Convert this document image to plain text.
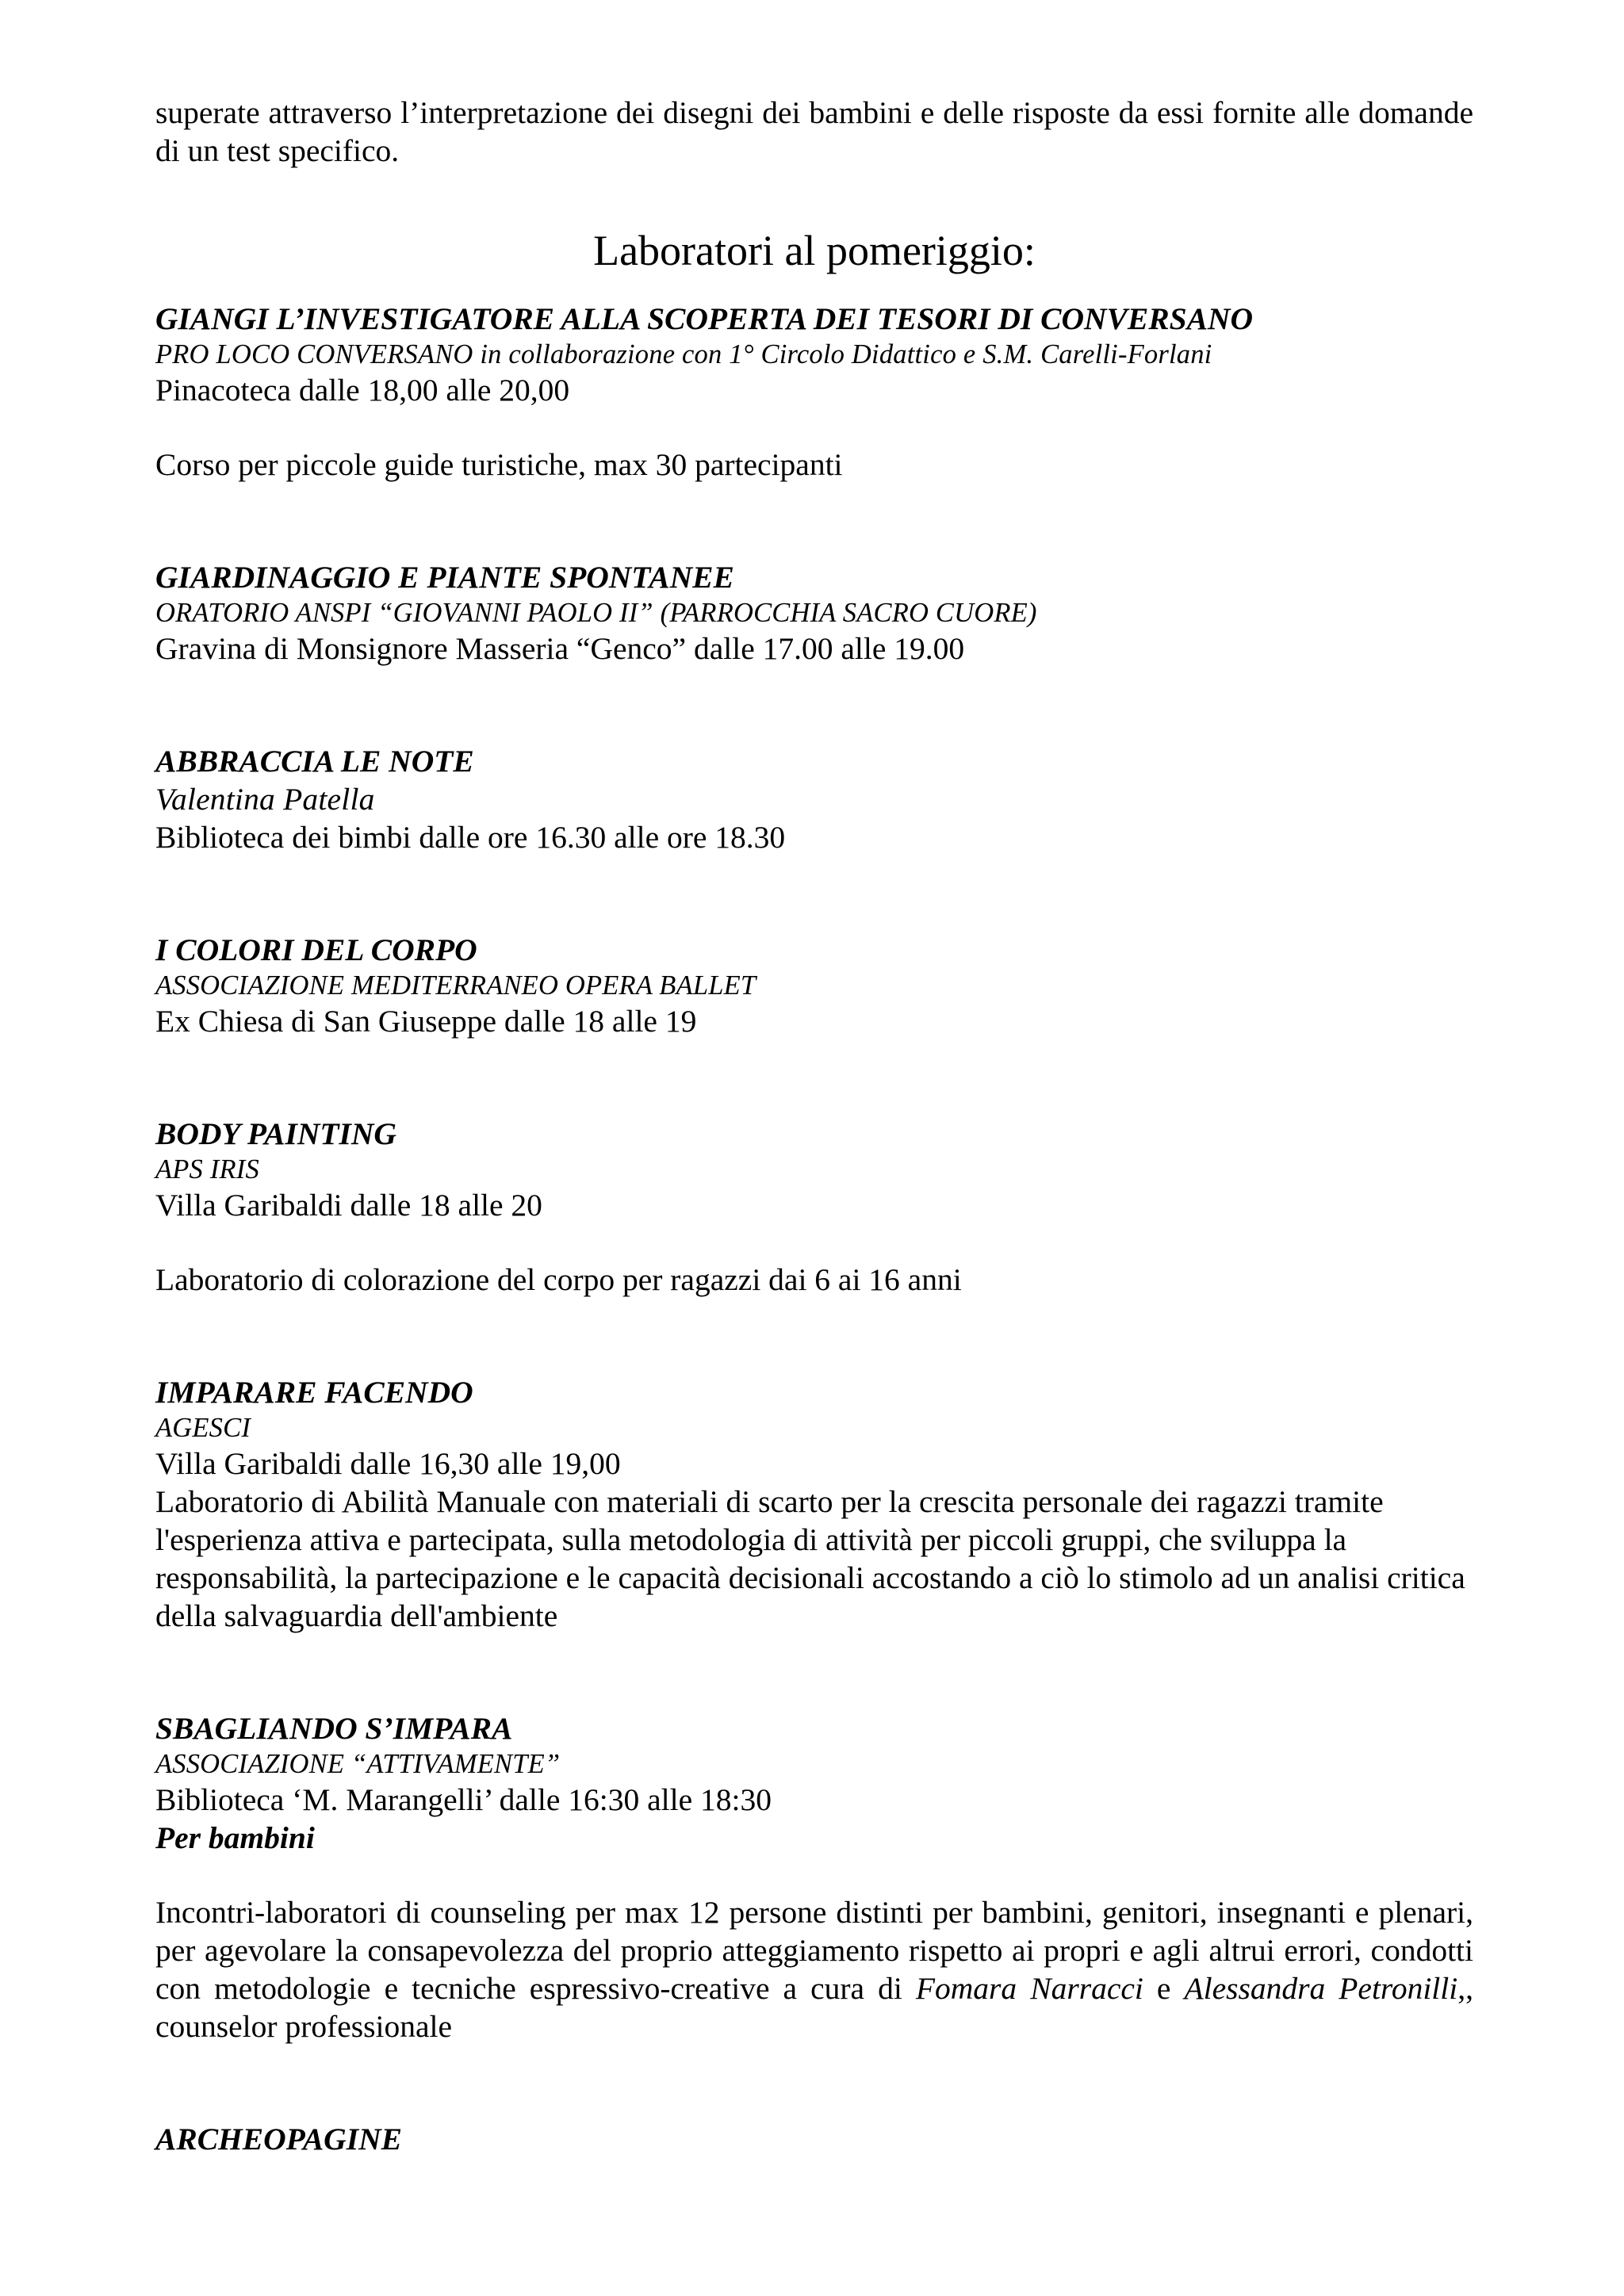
superate attraverso l’interpretazione dei disegni dei bambini e delle risposte da essi fornite alle domande di un test specifico.

Laboratori al pomeriggio:
GIANGI L’INVESTIGATORE ALLA SCOPERTA DEI TESORI DI CONVERSANO
PRO LOCO CONVERSANO in collaborazione con 1° Circolo Didattico e S.M. Carelli-Forlani
Pinacoteca dalle 18,00 alle 20,00
Corso per piccole guide turistiche, max 30 partecipanti
GIARDINAGGIO E PIANTE SPONTANEE
ORATORIO ANSPI “GIOVANNI PAOLO II” (PARROCCHIA SACRO CUORE)
Gravina di Monsignore Masseria “Genco” dalle 17.00 alle 19.00
ABBRACCIA LE NOTE
Valentina Patella
Biblioteca dei bimbi dalle ore 16.30 alle ore 18.30
I COLORI DEL CORPO
ASSOCIAZIONE MEDITERRANEO OPERA BALLET
Ex Chiesa di San Giuseppe dalle 18 alle 19
BODY PAINTING
APS IRIS
Villa Garibaldi dalle 18 alle 20
Laboratorio di colorazione del corpo per ragazzi dai 6 ai 16 anni
IMPARARE FACENDO
AGESCI
Villa Garibaldi dalle 16,30 alle 19,00
Laboratorio di Abilità Manuale con materiali di scarto per la crescita personale dei ragazzi tramite l'esperienza attiva e partecipata, sulla metodologia di attività per piccoli gruppi, che sviluppa la responsabilità, la partecipazione e le capacità decisionali accostando a ciò lo stimolo ad un analisi critica della salvaguardia dell'ambiente
SBAGLIANDO S’IMPARA
ASSOCIAZIONE “ATTIVAMENTE”
Biblioteca ‘M. Marangelli’ dalle 16:30 alle 18:30
Per bambini

Incontri-laboratori di counseling per max 12 persone distinti per bambini, genitori, insegnanti e plenari, per agevolare la consapevolezza del proprio atteggiamento rispetto ai propri e agli altrui errori, condotti con metodologie e tecniche espressivo-creative a cura di Fomara Narracci e Alessandra Petronilli,, counselor professionale

ARCHEOPAGINE
